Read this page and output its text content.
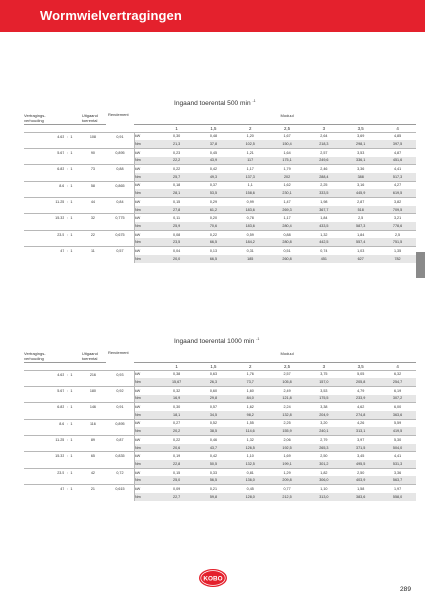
Wormwielvertragingen
Ingaand toerental 500 min $^{-1}$
Vertragings-			Uitgaand	Rendement		Moduul						
verhouding			toerental									
						1	1,5	2	2,5	3	3,5	4
4.63	:	1	108	0,91	kW	0,30	0,48	1,20	1,67	2,64	3,69	4,85
					Nm	21,3	37,8	102,5	150,4	218,3	298,1	397,5
5.67	:	1	90	0,895	kW	0,23	0,45	1,21	1,64	2,57	3,53	4,87
					Nm	22,2	43,9	117	175,1	249,6	336,1	451,6
6.83	:	1	73	0,88	kW	0,22	0,42	1,17	1,79	2,46	3,36	4,41
					Nm	25,7	49,3	137,3	202	288,4	388	517,3
8.6	:	1	58	0,865	kW	0,18	0,37	1,1	1,62	2,25	3,16	4,27
					Nm	28,1	53,5	158,6	230,1	333,5	445,9	619,5
11.25	:	1	44	0,84	kW	0,15	0,29	0,99	1,47	1,98	2,87	3,82
					Nm	27,8	61,2	183,6	269,3	367,7	518	709,5
15.33	:	1	32	0,775	kW	0,11	0,20	0,78	1,17	1,84	2,5	3,21
					Nm	25,9	70,6	183,6	280,4	433,5	587,3	778,6
23.5	:	1	22	0,675	kW	0,08	0,22	0,59	0,88	1,32	1,84	2,5
					Nm	23,5	66,5	184,2	280,8	442,5	557,4	751,5
47	:	1	11	0,57	kW	0,04	0,13	0,31	0,51	0,74	1,03	1,35
					Nm	20,0	66,5	185	260,8	451	627	782
Ingaand toerental 1000 min $^{-1}$
Vertragings-			Uitgaand	Rendement		Moduul						
verhouding			toerental									
						1	1,5	2	2,5	3	3,5	4
4.63	:	1	216	0,93	kW	0,38	0,63	1,76	2,57	3,75	5,05	6,32
					Nm	15,67	26,3	73,7	105,8	157,0	205,8	254,7
5.67	:	1	180	0,92	kW	0,32	0,60	1,60	2,49	3,53	4,79	6,19
					Nm	16,9	29,8	84,0	121,8	175,5	233,9	307,2
6.83	:	1	146	0,91	kW	0,30	0,57	1,62	2,24	3,38	4,62	6,00
					Nm	18,1	34,5	98,2	132,8	204,9	274,8	363,6
8.6	:	1	116	0,895	kW	0,27	0,52	1,55	2,25	3,20	4,26	5,59
					Nm	20,2	38,5	114,6	155,9	240,1	313,1	419,5
11.25	:	1	89	0,87	kW	0,22	0,46	1,32	2,06	2,79	3,97	5,30
					Nm	20,6	43,7	126,5	192,5	265,3	371,5	504,0
15.33	:	1	65	0,835	kW	0,19	0,42	1,10	1,69	2,50	3,45	4,41
					Nm	22,8	50,5	132,5	199,1	301,2	495,5	531,3
23.5	:	1	42	0,72	kW	0,15	0,33	0,81	1,29	1,82	2,50	3,36
					Nm	25,0	56,5	136,0	209,8	306,0	403,9	563,7
47	:	1	21	0,615	kW	0,09	0,21	0,45	0,77	1,10	1,58	1,97
					Nm	22,7	59,8	128,0	212,5	313,0	383,6	558,0
KOBO
289
